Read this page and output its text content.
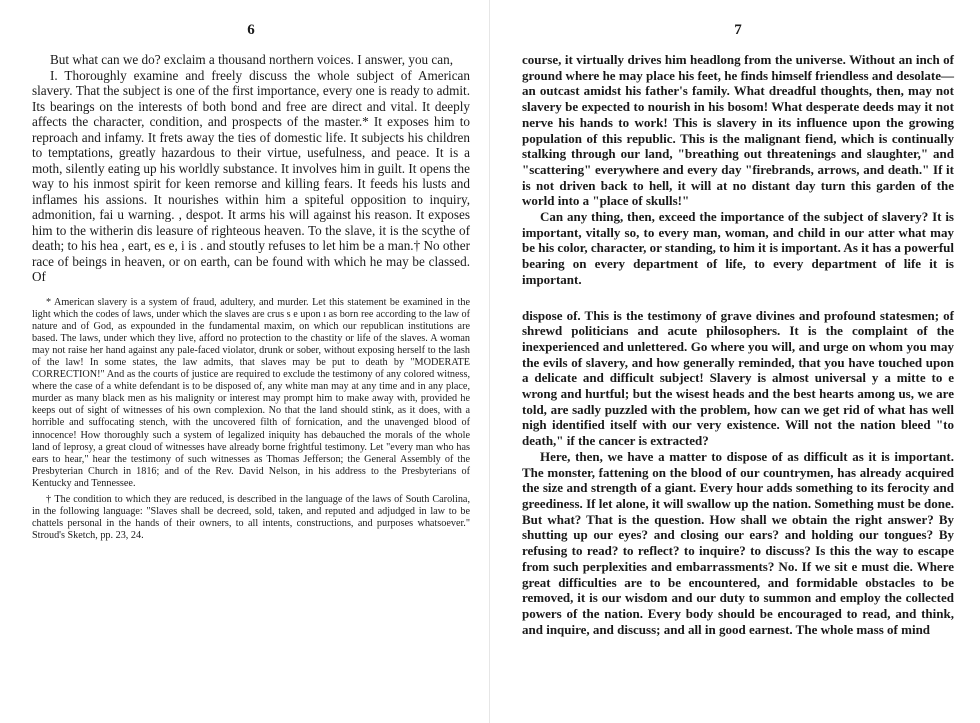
6

But what can we do? exclaim a thousand northern voices. I answer, you can,

I. Thoroughly examine and freely discuss the whole subject of American slavery. That the subject is one of the first importance, every one is ready to admit. Its bearings on the interests of both bond and free are direct and vital. It deeply affects the character, condition, and prospects of the master.* It exposes him to reproach and infamy. It frets away the ties of domestic life. It subjects his children to temptations, greatly hazardous to their virtue, usefulness, and peace. It is a moth, silently eating up his worldly substance. It involves him in guilt. It opens the way to his inmost spirit for keen remorse and killing fears. It feeds his lusts and inflames his assions. It nourishes within him a spiteful opposition to inquiry, admonition, fai u warning. , despot. It arms his will against his reason. It exposes him to the witherin dis leasure of righteous heaven. To the slave, it is the scythe of death; to his hea , eart, es e, i is . and stoutly refuses to let him be a man.† No other race of beings in heaven, or on earth, can be found with which he may be classed. Of

* American slavery is a system of fraud, adultery, and murder. Let this statement be examined in the light which the codes of laws, under which the slaves are crus s e upon ı as born ree according to the law of nature and of God, as expounded in the fundamental maxim, on which our republican institutions are based. The laws, under which they live, afford no protection to the chastity or life of the slaves. A woman may not raise her hand against any pale-faced violator, drunk or sober, without exposing herself to the lash of the law! In some states, the law admits, that slaves may be put to death by "MODERATE CORRECTION!" And as the courts of justice are required to exclude the testimony of any colored witness, where the case of a white defendant is to be disposed of, any white man may at any time and in any place, murder as many black men as his malignity or interest may prompt him to make away with, provided he keeps out of sight of witnesses of his own complexion. No that the land should stink, as it does, with a horrible and suffocating stench, with the uncovered filth of fornication, and the unavenged blood of innocence! How thoroughly such a system of legalized iniquity has debauched the morals of the whole land of leprosy, a great cloud of witnesses have already borne frightful testimony. Let "every man who has ears to hear," hear the testimony of such witnesses as Thomas Jefferson; the General Assembly of the Presbyterian Church in 1816; and of the Rev. David Nelson, in his address to the Presbyterians of Kentucky and Tennessee.

† The condition to which they are reduced, is described in the language of the laws of South Carolina, in the following language: "Slaves shall be decreed, sold, taken, and reputed and adjudged in law to be chattels personal in the hands of their owners, to all intents, constructions, and purposes whatsoever." Stroud's Sketch, pp. 23, 24.

7

course, it virtually drives him headlong from the universe. Without an inch of ground where he may place his feet, he finds himself friendless and desolate—an outcast amidst his father's family. What dreadful thoughts, then, may not slavery be expected to nourish in his bosom! What desperate deeds may it not nerve his hands to work! This is slavery in its influence upon the growing population of this republic. This is the malignant fiend, which is continually stalking through our land, "breathing out threatenings and slaughter," and "scattering" everywhere and every day "firebrands, arrows, and death." If it is not driven back to hell, it will at no distant day turn this garden of the world into a "place of skulls!"

Can any thing, then, exceed the importance of the subject of slavery? It is important, vitally so, to every man, woman, and child in our atter what may be his color, character, or standing, to him it is important. As it has a powerful bearing on every department of life, to every department of life it is important.

dispose of. This is the testimony of grave divines and profound statesmen; of shrewd politicians and acute philosophers. It is the complaint of the inexperienced and unlettered. Go where you will, and urge on whom you may the evils of slavery, and how generally reminded, that you have touched upon a delicate and difficult subject! Slavery is almost universal y a mitte to e wrong and hurtful; but the wisest heads and the best hearts among us, we are told, are sadly puzzled with the problem, how can we get rid of what has well nigh identified itself with our very existence. Will not the nation bleed "to death," if the cancer is extracted?

Here, then, we have a matter to dispose of as difficult as it is important. The monster, fattening on the blood of our countrymen, has already acquired the size and strength of a giant. Every hour adds something to its ferocity and greediness. If let alone, it will swallow up the nation. Something must be done. But what? That is the question. How shall we obtain the right answer? By shutting up our eyes? and closing our ears? and holding our tongues? By refusing to read? to reflect? to inquire? to discuss? Is this the way to escape from such perplexities and embarrassments? No. If we sit e must die. Where great difficulties are to be encountered, and formidable obstacles to be removed, it is our wisdom and our duty to summon and employ the collected powers of the nation. Every body should be encouraged to read, and think, and inquire, and discuss; and all in good earnest. The whole mass of mind
